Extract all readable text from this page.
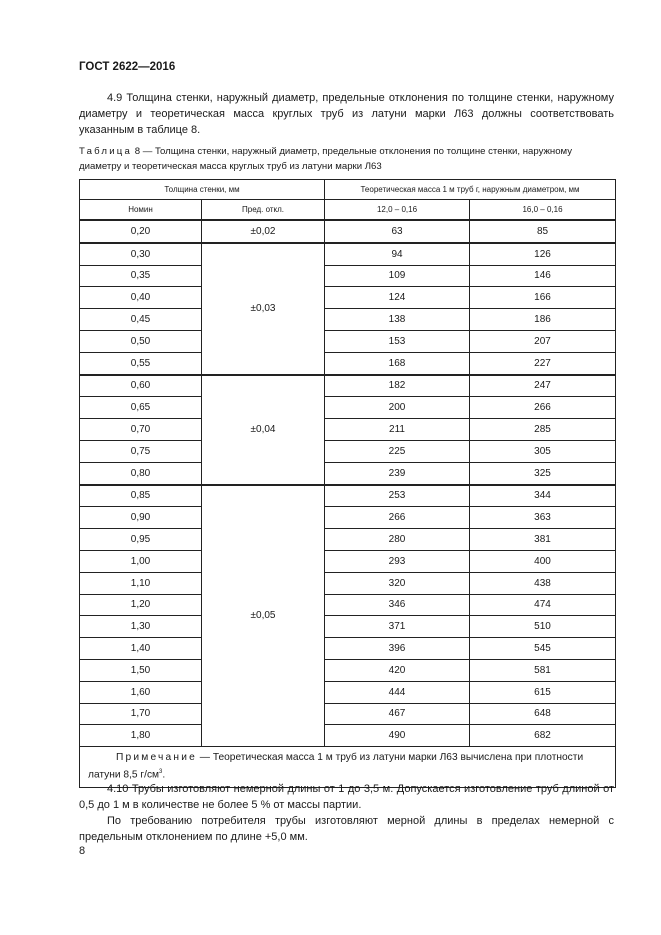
ГОСТ 2622—2016

4.9 Толщина стенки, наружный диаметр, предельные отклонения по толщине стенки, наружному диаметру и теоретическая масса круглых труб из латуни марки Л63 должны соответствовать указанным в таблице 8.

Таблица 8 — Толщина стенки, наружный диаметр, предельные отклонения по толщине стенки, наружному диаметру и теоретическая масса круглых труб из латуни марки Л63
Толщина стенки, мм		Теоретическая масса 1 м труб г, наружным диаметром, мм	
Номин	Пред. откл.	12,0 – 0,16	16,0 – 0,16
0,20	±0,02	63	85
0,30	±0,03	94	126
0,35		109	146
0,40		124	166
0,45		138	186
0,50		153	207
0,55		168	227
0,60	±0,04	182	247
0,65		200	266
0,70		211	285
0,75		225	305
0,80		239	325
0,85	±0,05	253	344
0,90		266	363
0,95		280	381
1,00		293	400
1,10		320	438
1,20		346	474
1,30		371	510
1,40		396	545
1,50		420	581
1,60		444	615
1,70		467	648
1,80		490	682
Примечание — Теоретическая масса 1 м труб из латуни марки Л63 вычислена при плотности латуни 8,5 $г/см^3$.			

4.10 Трубы изготовляют немерной длины от 1 до 3,5 м. Допускается изготовление труб длиной от 0,5 до 1 м в количестве не более 5 % от массы партии.

По требованию потребителя трубы изготовляют мерной длины в пределах немерной с предельным отклонением по длине +5,0 мм.

8
